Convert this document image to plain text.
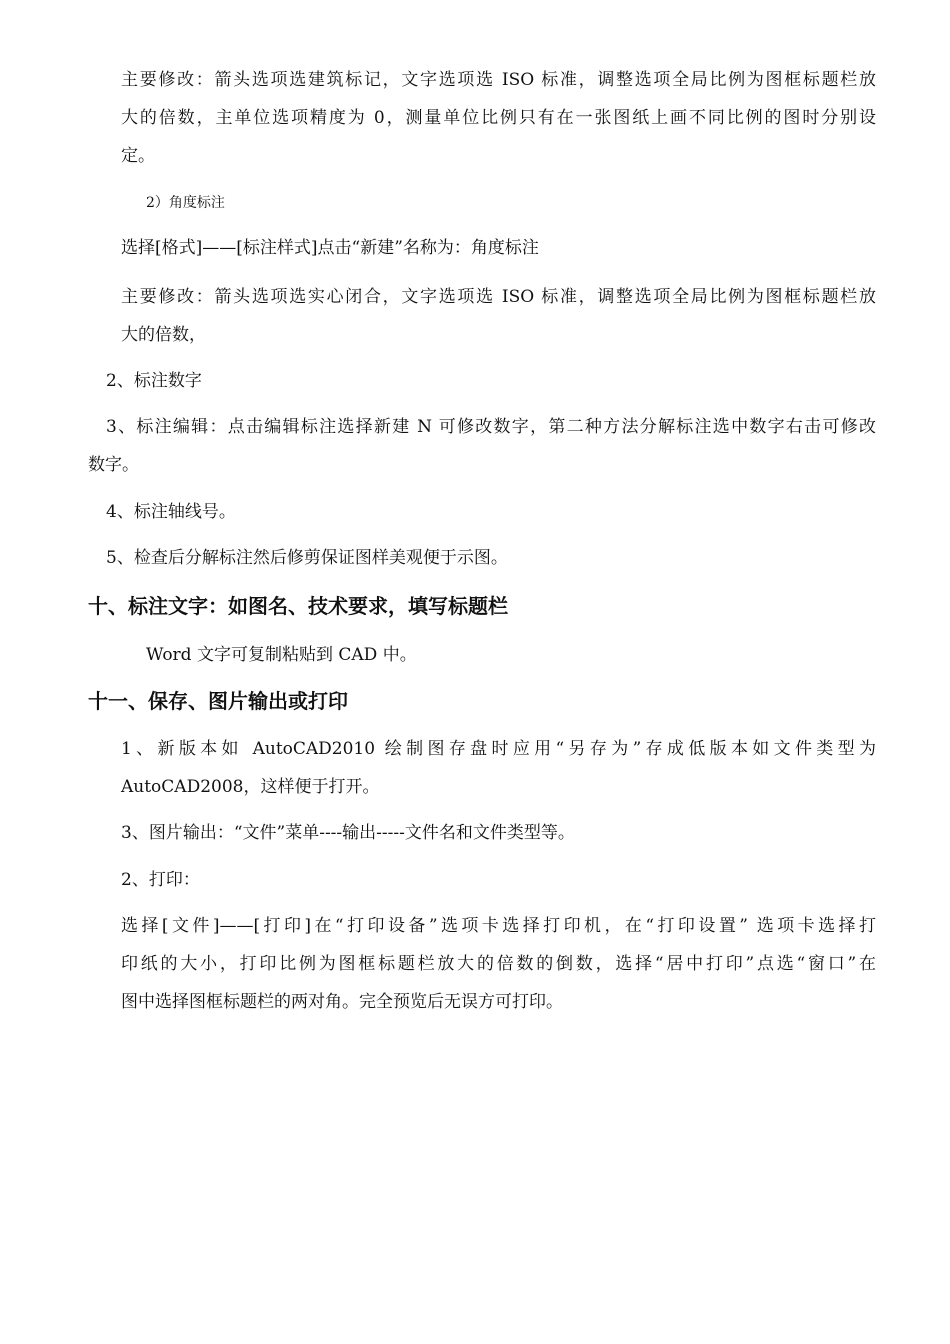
主要修改：箭头选项选建筑标记，文字选项选 ISO 标准，调整选项全局比例为图框标题栏放
大的倍数，主单位选项精度为 0，测量单位比例只有在一张图纸上画不同比例的图时分别设
定。
2）角度标注
选择[格式]——[标注样式]点击“新建”名称为：角度标注
主要修改：箭头选项选实心闭合，文字选项选 ISO 标准，调整选项全局比例为图框标题栏放
大的倍数，
2、标注数字
3、标注编辑：点击编辑标注选择新建 N 可修改数字，第二种方法分解标注选中数字右击可修改
数字。
4、标注轴线号。
5、检查后分解标注然后修剪保证图样美观便于示图。
十、标注文字：如图名、技术要求，填写标题栏
Word 文字可复制粘贴到 CAD 中。
十一、保存、图片输出或打印
1、新版本如 AutoCAD2010 绘制图存盘时应用“另存为”存成低版本如文件类型为
AutoCAD2008，这样便于打开。
3、图片输出：“文件”菜单----输出-----文件名和文件类型等。
2、打印：
选择[文件]——[打印]在“打印设备”选项卡选择打印机，在“打印设置” 选项卡选择打
印纸的大小，打印比例为图框标题栏放大的倍数的倒数，选择“居中打印”点选“窗口”在
图中选择图框标题栏的两对角。完全预览后无误方可打印。
